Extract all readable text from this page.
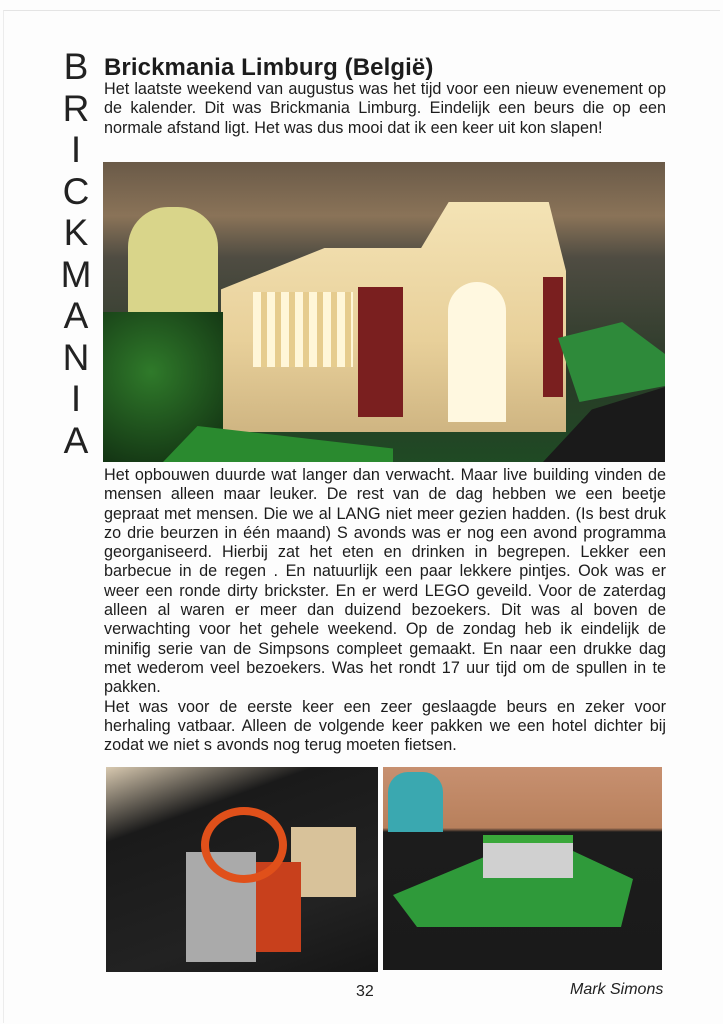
B
R
I
C
K
M
A
N
I
A
Brickmania Limburg (België)

Het laatste weekend van augustus was het tijd voor een nieuw evenement op de kalender. Dit was Brickmania Limburg. Eindelijk een beurs die op een normale afstand ligt. Het was dus mooi dat ik een keer uit kon slapen!

Het opbouwen duurde wat langer dan verwacht. Maar live building vinden de mensen alleen maar leuker. De rest van de dag hebben we een beetje gepraat met mensen. Die we al LANG niet meer gezien hadden. (Is best druk zo drie beurzen in één maand) S avonds was er nog een avond programma georganiseerd. Hierbij zat het eten en drinken in begrepen. Lekker een barbecue in de regen . En natuurlijk een paar lekkere pintjes. Ook was er weer een ronde dirty brickster. En er werd LEGO geveild. Voor de zaterdag alleen al waren er meer dan duizend bezoekers. Dit was al boven de verwachting voor het gehele weekend. Op de zondag heb ik eindelijk de minifig serie van de Simpsons compleet gemaakt. En naar een drukke dag met wederom veel bezoekers. Was het rondt 17 uur tijd om de spullen in te pakken.
Het was voor de eerste keer een zeer geslaagde beurs en zeker voor herhaling vatbaar. Alleen de volgende keer pakken we een hotel dichter bij zodat we niet s avonds nog terug moeten fietsen.
32	Mark Simons
